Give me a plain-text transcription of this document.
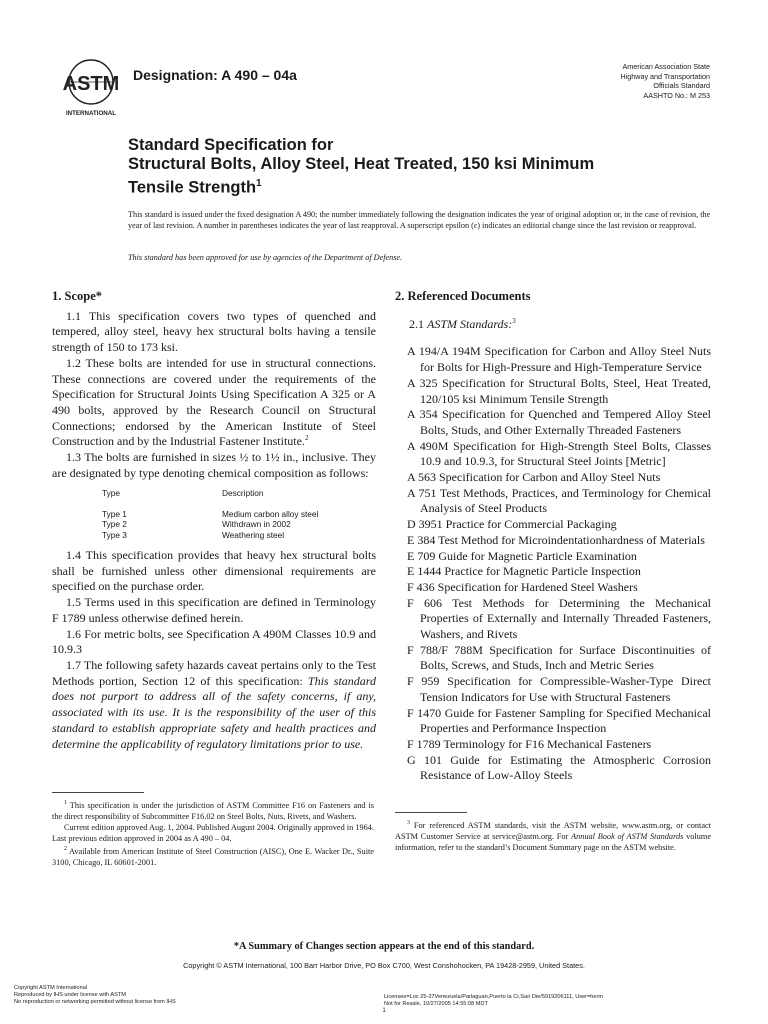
ASTM
INTERNATIONAL
Designation: A 490 – 04a
American Association State
Highway and Transportation
Officials Standard
AASHTO No.: M 253
Standard Specification for
Structural Bolts, Alloy Steel, Heat Treated, 150 ksi Minimum
Tensile Strength$^1$
This standard is issued under the fixed designation A 490; the number immediately following the designation indicates the year of original adoption or, in the case of revision, the year of last revision. A number in parentheses indicates the year of last reapproval. A superscript epsilon (ε) indicates an editorial change since the last revision or reapproval.
This standard has been approved for use by agencies of the Department of Defense.
1. Scope*

1.1 This specification covers two types of quenched and tempered, alloy steel, heavy hex structural bolts having a tensile strength of 150 to 173 ksi.

1.2 These bolts are intended for use in structural connections. These connections are covered under the requirements of the Specification for Structural Joints Using Specification A 325 or A 490 bolts, approved by the Research Council on Structural Connections; endorsed by the American Institute of Steel Construction and by the Industrial Fastener Institute.$^2$

1.3 The bolts are furnished in sizes ½ to 1½ in., inclusive. They are designated by type denoting chemical composition as follows:

Type	Description
Type 1	Medium carbon alloy steel
Type 2	Withdrawn in 2002
Type 3	Weathering steel

1.4 This specification provides that heavy hex structural bolts shall be furnished unless other dimensional requirements are specified on the purchase order.

1.5 Terms used in this specification are defined in Terminology F 1789 unless otherwise defined herein.

1.6 For metric bolts, see Specification A 490M Classes 10.9 and 10.9.3

1.7 The following safety hazards caveat pertains only to the Test Methods portion, Section 12 of this specification: This standard does not purport to address all of the safety concerns, if any, associated with its use. It is the responsibility of the user of this standard to establish appropriate safety and health practices and determine the applicability of regulatory limitations prior to use.

2. Referenced Documents

2.1 ASTM Standards:$^3$

A 194/A 194M Specification for Carbon and Alloy Steel Nuts for Bolts for High-Pressure and High-Temperature Service

A 325 Specification for Structural Bolts, Steel, Heat Treated, 120/105 ksi Minimum Tensile Strength

A 354 Specification for Quenched and Tempered Alloy Steel Bolts, Studs, and Other Externally Threaded Fasteners

A 490M Specification for High-Strength Steel Bolts, Classes 10.9 and 10.9.3, for Structural Steel Joints [Metric]

A 563 Specification for Carbon and Alloy Steel Nuts

A 751 Test Methods, Practices, and Terminology for Chemical Analysis of Steel Products

D 3951 Practice for Commercial Packaging

E 384 Test Method for Microindentationhardness of Materials

E 709 Guide for Magnetic Particle Examination

E 1444 Practice for Magnetic Particle Inspection

F 436 Specification for Hardened Steel Washers

F 606 Test Methods for Determining the Mechanical Properties of Externally and Internally Threaded Fasteners, Washers, and Rivets

F 788/F 788M Specification for Surface Discontinuities of Bolts, Screws, and Studs, Inch and Metric Series

F 959 Specification for Compressible-Washer-Type Direct Tension Indicators for Use with Structural Fasteners

F 1470 Guide for Fastener Sampling for Specified Mechanical Properties and Performance Inspection

F 1789 Terminology for F16 Mechanical Fasteners

G 101 Guide for Estimating the Atmospheric Corrosion Resistance of Low-Alloy Steels

$^1$ This specification is under the jurisdiction of ASTM Committee F16 on Fasteners and is the direct responsibility of Subcommittee F16.02 on Steel Bolts, Nuts, Rivets, and Washers.

Current edition approved Aug. 1, 2004. Published August 2004. Originally approved in 1964. Last previous edition approved in 2004 as A 490 – 04.

$^2$ Available from American Institute of Steel Construction (AISC), One E. Wacker Dr., Suite 3100, Chicago, IL 60601-2001.

$^3$ For referenced ASTM standards, visit the ASTM website, www.astm.org, or contact ASTM Customer Service at service@astm.org. For Annual Book of ASTM Standards volume information, refer to the standard’s Document Summary page on the ASTM website.

*A Summary of Changes section appears at the end of this standard.
Copyright © ASTM International, 100 Barr Harbor Drive, PO Box C700, West Conshohocken, PA 19428-2959, United States.
Copyright ASTM International
Reproduced by IHS under license with ASTM
No reproduction or networking permitted without license from IHS
1
Licensee=Loc 25-27Venezuela/Parlaguan,Puerto la Cr,San Die/5919206111, User=herm
Not for Resale, 10/27/2005 14:55:08 MDT
